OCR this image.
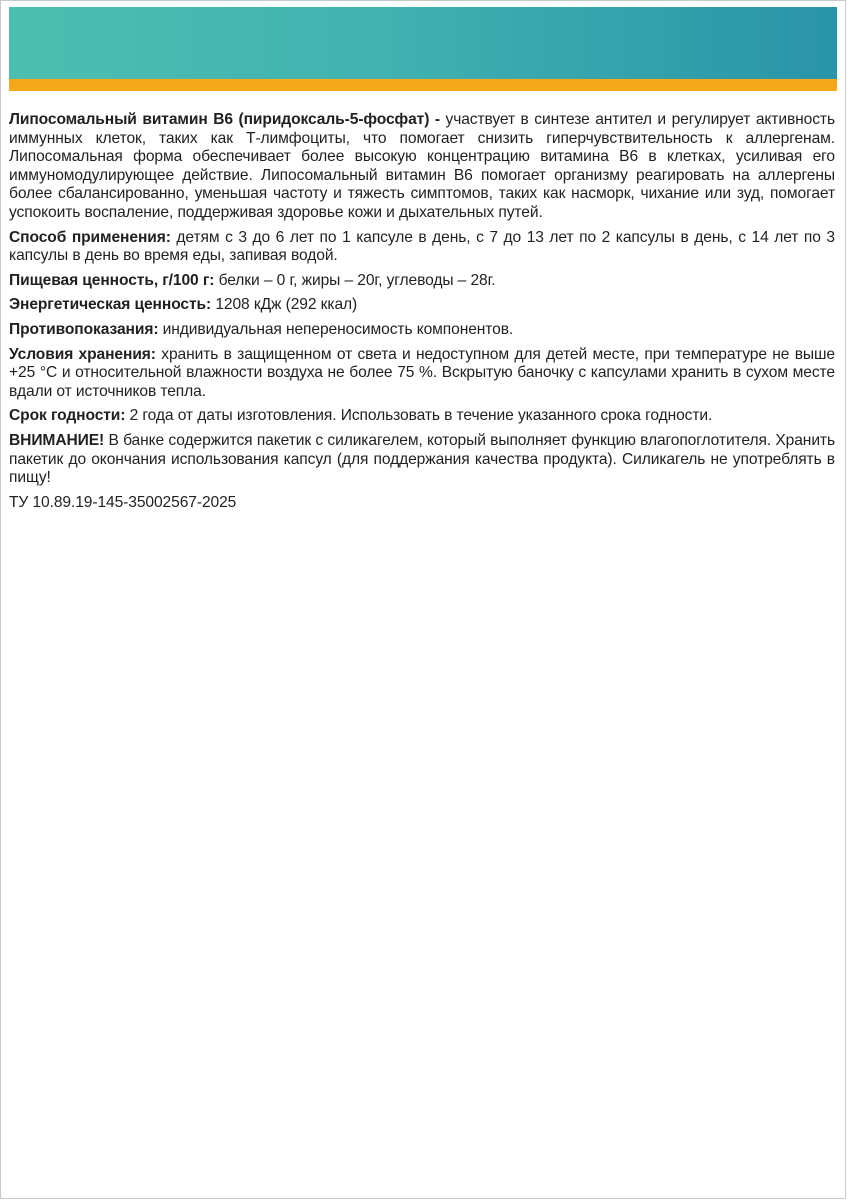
Липосомальный витамин В6 (пиридоксаль-5-фосфат) - участвует в синтезе антител и регулирует активность иммунных клеток, таких как Т-лимфоциты, что помогает снизить гиперчувствительность к аллергенам. Липосомальная форма обеспечивает более высокую концентрацию витамина В6 в клетках, усиливая его иммуномодулирующее действие. Липосомальный витамин В6 помогает организму реагировать на аллергены более сбалансированно, уменьшая частоту и тяжесть симптомов, таких как насморк, чихание или зуд, помогает успокоить воспаление, поддерживая здоровье кожи и дыхательных путей.

Способ применения: детям с 3 до 6 лет по 1 капсуле в день, с 7 до 13 лет по 2 капсулы в день, с 14 лет по 3 капсулы в день во время еды, запивая водой.

Пищевая ценность, г/100 г: белки – 0 г, жиры – 20г, углеводы – 28г.

Энергетическая ценность: 1208 кДж (292 ккал)

Противопоказания: индивидуальная непереносимость компонентов.

Условия хранения: хранить в защищенном от света и недоступном для детей месте, при температуре не выше +25 °С и относительной влажности воздуха не более 75 %. Вскрытую баночку с капсулами хранить в сухом месте вдали от источников тепла.

Срок годности: 2 года от даты изготовления. Использовать в течение указанного срока годности.

ВНИМАНИЕ! В банке содержится пакетик с силикагелем, который выполняет функцию влагопоглотителя. Хранить пакетик до окончания использования капсул (для поддержания качества продукта). Силикагель не употреблять в пищу!

ТУ 10.89.19-145-35002567-2025
